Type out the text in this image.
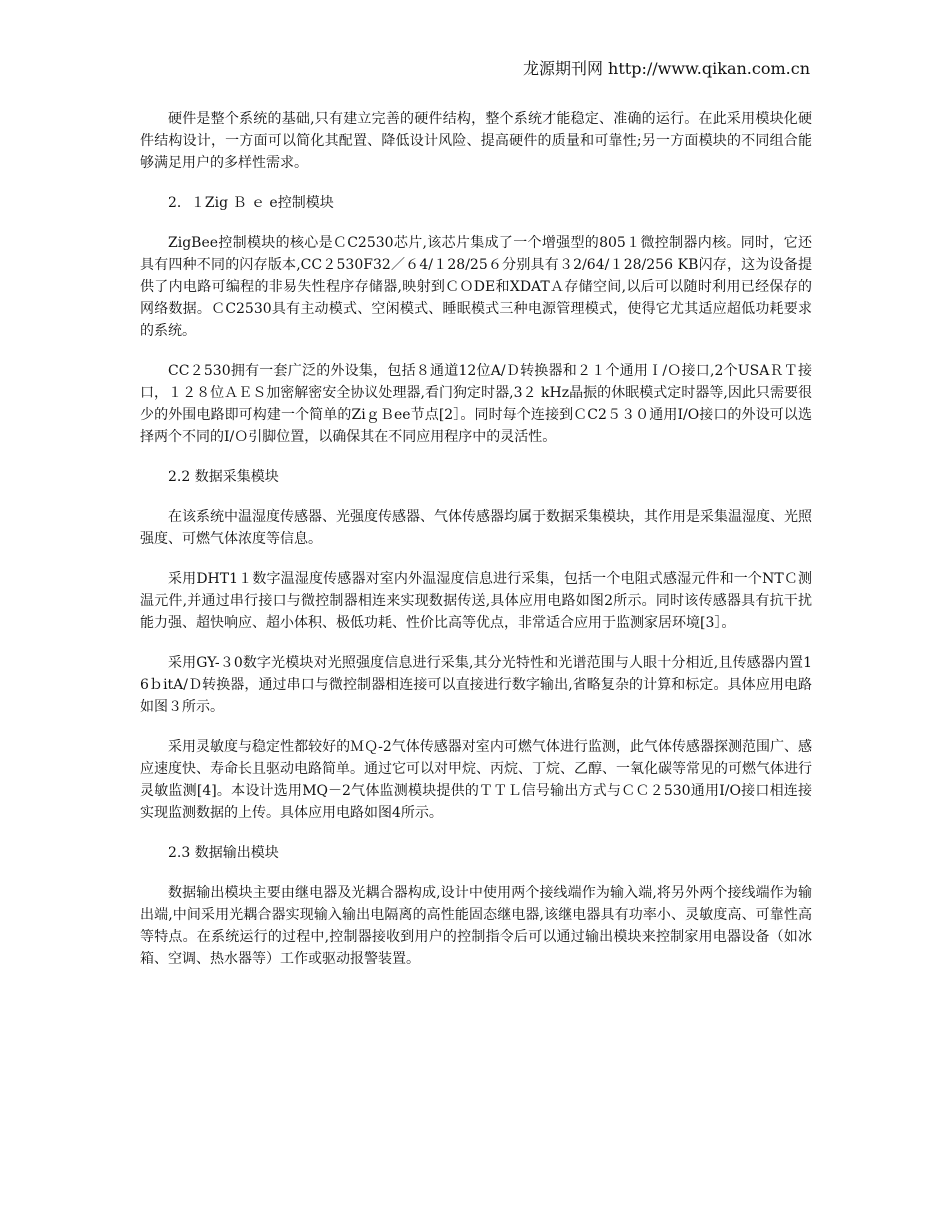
龙源期刊网 http://www.qikan.com.cn

硬件是整个系统的基础,只有建立完善的硬件结构，整个系统才能稳定、准确的运行。在此采用模块化硬件结构设计，一方面可以简化其配置、降低设计风险、提高硬件的质量和可靠性;另一方面模块的不同组合能够满足用户的多样性需求。

2．１Zig Ｂ ｅ e控制模块

ZigBee控制模块的核心是ＣC2530芯片,该芯片集成了一个增强型的805１微控制器内核。同时，它还具有四种不同的闪存版本,CC２530F32／６4/１28/25６分别具有３2/64/１28/256 KB闪存，这为设备提供了内电路可编程的非易失性程序存储器,映射到ＣＯDE和XDATＡ存储空间,以后可以随时利用已经保存的网络数据。ＣC2530具有主动模式、空闲模式、睡眠模式三种电源管理模式，使得它尤其适应超低功耗要求的系统。

CC２530拥有一套广泛的外设集，包括８通道12位A/Ｄ转换器和２１个通用Ｉ/Ｏ接口,2个USAＲＴ接口，１２８位ＡＥＳ加密解密安全协议处理器,看门狗定时器,3２ kHz晶振的休眠模式定时器等,因此只需要很少的外围电路即可构建一个简单的ZiｇＢee节点[2］。同时每个连接到ＣC2５３０通用I/O接口的外设可以选择两个不同的I/Ｏ引脚位置，以确保其在不同应用程序中的灵活性。

2.2 数据采集模块

在该系统中温湿度传感器、光强度传感器、气体传感器均属于数据采集模块，其作用是采集温湿度、光照强度、可燃气体浓度等信息。

采用DHT1１数字温湿度传感器对室内外温湿度信息进行采集，包括一个电阻式感湿元件和一个NTＣ测温元件,并通过串行接口与微控制器相连来实现数据传送,具体应用电路如图2所示。同时该传感器具有抗干扰能力强、超快响应、超小体积、极低功耗、性价比高等优点，非常适合应用于监测家居环境[3］。

采用GY-３0数字光模块对光照强度信息进行采集,其分光特性和光谱范围与人眼十分相近,且传感器内置16ｂitA/Ｄ转换器，通过串口与微控制器相连接可以直接进行数字输出,省略复杂的计算和标定。具体应用电路如图３所示。

采用灵敏度与稳定性都较好的ＭＱ-2气体传感器对室内可燃气体进行监测，此气体传感器探测范围广、感应速度快、寿命长且驱动电路简单。通过它可以对甲烷、丙烷、丁烷、乙醇、一氧化碳等常见的可燃气体进行灵敏监测[4]。本设计选用MQ－2气体监测模块提供的ＴＴＬ信号输出方式与ＣＣ２530通用I/O接口相连接实现监测数据的上传。具体应用电路如图4所示。

2.3 数据输出模块

数据输出模块主要由继电器及光耦合器构成,设计中使用两个接线端作为输入端,将另外两个接线端作为输出端,中间采用光耦合器实现输入输出电隔离的高性能固态继电器,该继电器具有功率小、灵敏度高、可靠性高等特点。在系统运行的过程中,控制器接收到用户的控制指令后可以通过输出模块来控制家用电器设备（如冰箱、空调、热水器等）工作或驱动报警装置。
